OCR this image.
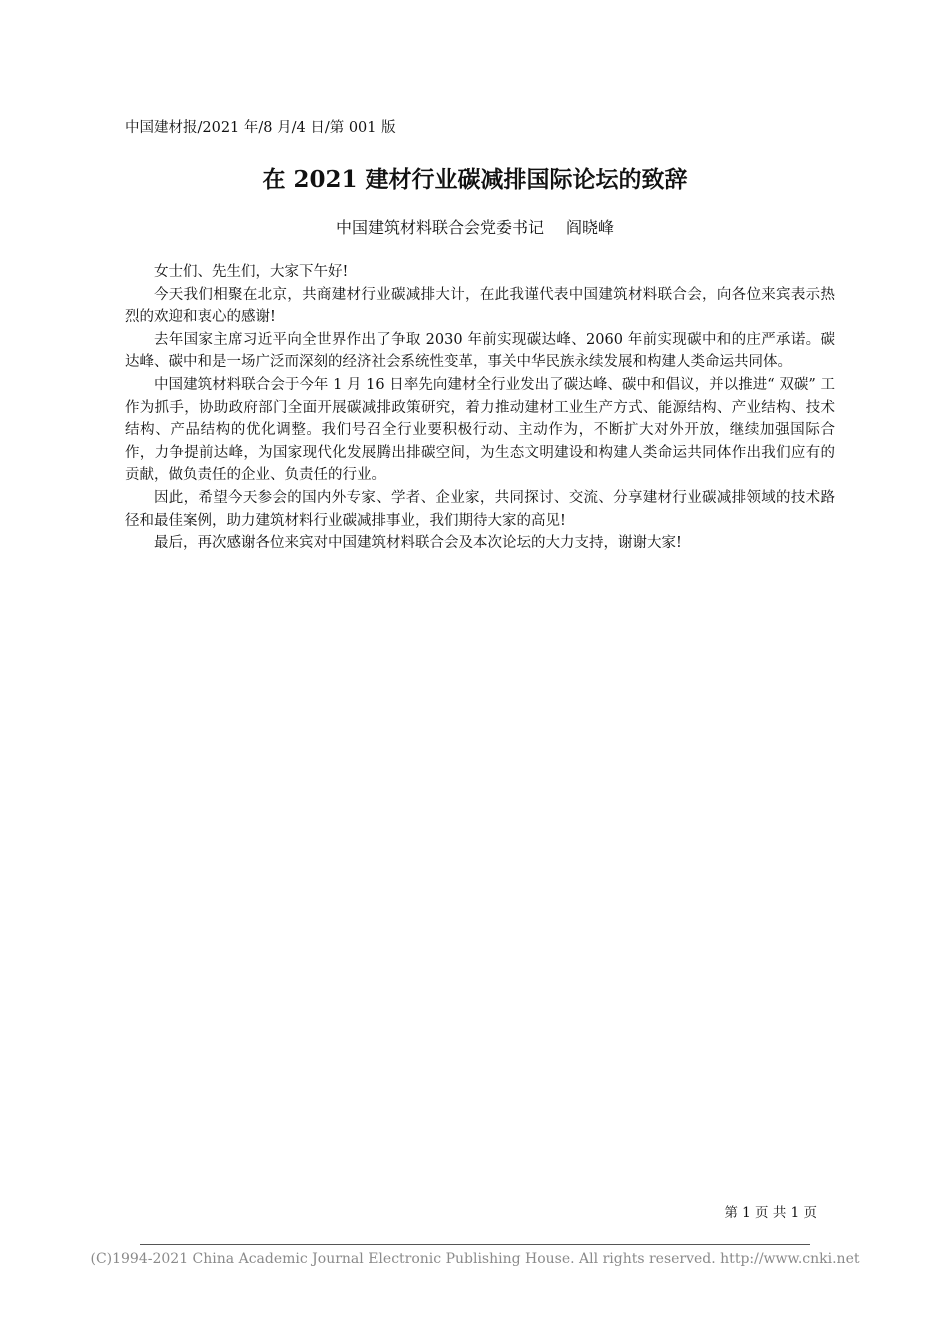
中国建材报/2021 年/8 月/4 日/第 001 版
在 2021 建材行业碳减排国际论坛的致辞
中国建筑材料联合会党委书记 阎晓峰

女士们、先生们，大家下午好!

今天我们相聚在北京，共商建材行业碳减排大计，在此我谨代表中国建筑材料联合会，向各位来宾表示热烈的欢迎和衷心的感谢!

去年国家主席习近平向全世界作出了争取 2030 年前实现碳达峰、2060 年前实现碳中和的庄严承诺。碳达峰、碳中和是一场广泛而深刻的经济社会系统性变革，事关中华民族永续发展和构建人类命运共同体。

中国建筑材料联合会于今年 1 月 16 日率先向建材全行业发出了碳达峰、碳中和倡议，并以推进“ 双碳” 工作为抓手，协助政府部门全面开展碳减排政策研究，着力推动建材工业生产方式、能源结构、产业结构、技术结构、产品结构的优化调整。我们号召全行业要积极行动、主动作为，不断扩大对外开放，继续加强国际合作，力争提前达峰，为国家现代化发展腾出排碳空间，为生态文明建设和构建人类命运共同体作出我们应有的贡献，做负责任的企业、负责任的行业。

因此，希望今天参会的国内外专家、学者、企业家，共同探讨、交流、分享建材行业碳减排领域的技术路径和最佳案例，助力建筑材料行业碳减排事业，我们期待大家的高见!

最后，再次感谢各位来宾对中国建筑材料联合会及本次论坛的大力支持，谢谢大家!

第 1 页 共 1 页
(C)1994-2021 China Academic Journal Electronic Publishing House. All rights reserved. http://www.cnki.net
